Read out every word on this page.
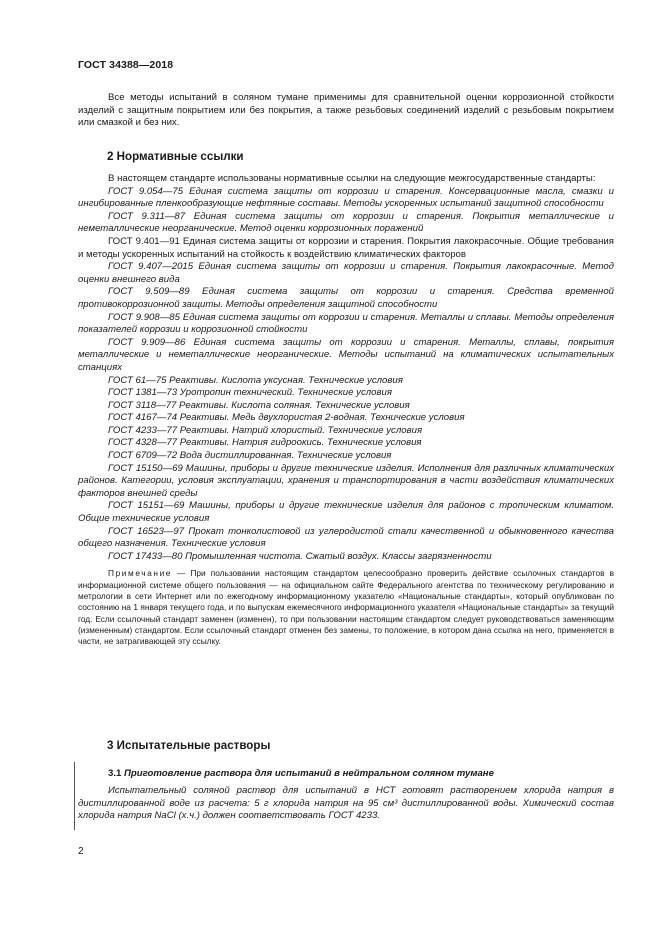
ГОСТ 34388—2018

Все методы испытаний в соляном тумане применимы для сравнительной оценки коррозионной стойкости изделий с защитным покрытием или без покрытия, а также резьбовых соединений изделий с резьбовым покрытием или смазкой и без них.

2 Нормативные ссылки

В настоящем стандарте использованы нормативные ссылки на следующие межгосударственные стандарты:

ГОСТ 9.054—75 Единая система защиты от коррозии и старения. Консервационные масла, смазки и ингибированные пленкообразующие нефтяные составы. Методы ускоренных испытаний защитной способности

ГОСТ 9.311—87 Единая система защиты от коррозии и старения. Покрытия металлические и неметаллические неорганические. Метод оценки коррозионных поражений

ГОСТ 9.401—91 Единая система защиты от коррозии и старения. Покрытия лакокрасочные. Общие требования и методы ускоренных испытаний на стойкость к воздействию климатических факторов

ГОСТ 9.407—2015 Единая система защиты от коррозии и старения. Покрытия лакокрасочные. Метод оценки внешнего вида

ГОСТ 9.509—89 Единая система защиты от коррозии и старения. Средства временной противокоррозионной защиты. Методы определения защитной способности

ГОСТ 9.908—85 Единая система защиты от коррозии и старения. Металлы и сплавы. Методы определения показателей коррозии и коррозионной стойкости

ГОСТ 9.909—86 Единая система защиты от коррозии и старения. Металлы, сплавы, покрытия металлические и неметаллические неорганические. Методы испытаний на климатических испытательных станциях

ГОСТ 61—75 Реактивы. Кислота уксусная. Технические условия

ГОСТ 1381—73 Уротропин технический. Технические условия

ГОСТ 3118—77 Реактивы. Кислота соляная. Технические условия

ГОСТ 4167—74 Реактивы. Медь двухлористая 2-водная. Технические условия

ГОСТ 4233—77 Реактивы. Натрий хлористый. Технические условия

ГОСТ 4328—77 Реактивы. Натрия гидроокись. Технические условия

ГОСТ 6709—72 Вода дистиллированная. Технические условия

ГОСТ 15150—69 Машины, приборы и другие технические изделия. Исполнения для различных климатических районов. Категории, условия эксплуатации, хранения и транспортирования в части воздействия климатических факторов внешней среды

ГОСТ 15151—69 Машины, приборы и другие технические изделия для районов с тропическим климатом. Общие технические условия

ГОСТ 16523—97 Прокат тонколистовой из углеродистой стали качественной и обыкновенного качества общего назначения. Технические условия

ГОСТ 17433—80 Промышленная чистота. Сжатый воздух. Классы загрязненности

Примечание — При пользовании настоящим стандартом целесообразно проверить действие ссылочных стандартов в информационной системе общего пользования — на официальном сайте Федерального агентства по техническому регулированию и метрологии в сети Интернет или по ежегодному информационному указателю «Национальные стандарты», который опубликован по состоянию на 1 января текущего года, и по выпускам ежемесячного информационного указателя «Национальные стандарты» за текущий год. Если ссылочный стандарт заменен (изменен), то при пользовании настоящим стандартом следует руководствоваться заменяющим (измененным) стандартом. Если ссылочный стандарт отменен без замены, то положение, в котором дана ссылка на него, применяется в части, не затрагивающей эту ссылку.

3 Испытательные растворы

3.1 Приготовление раствора для испытаний в нейтральном соляном тумане

Испытательный соляной раствор для испытаний в НСТ готовят растворением хлорида натрия в дистиллированной воде из расчета: 5 г хлорида натрия на 95 см³ дистиллированной воды. Химический состав хлорида натрия NaCl (х.ч.) должен соответствовать ГОСТ 4233.

2
